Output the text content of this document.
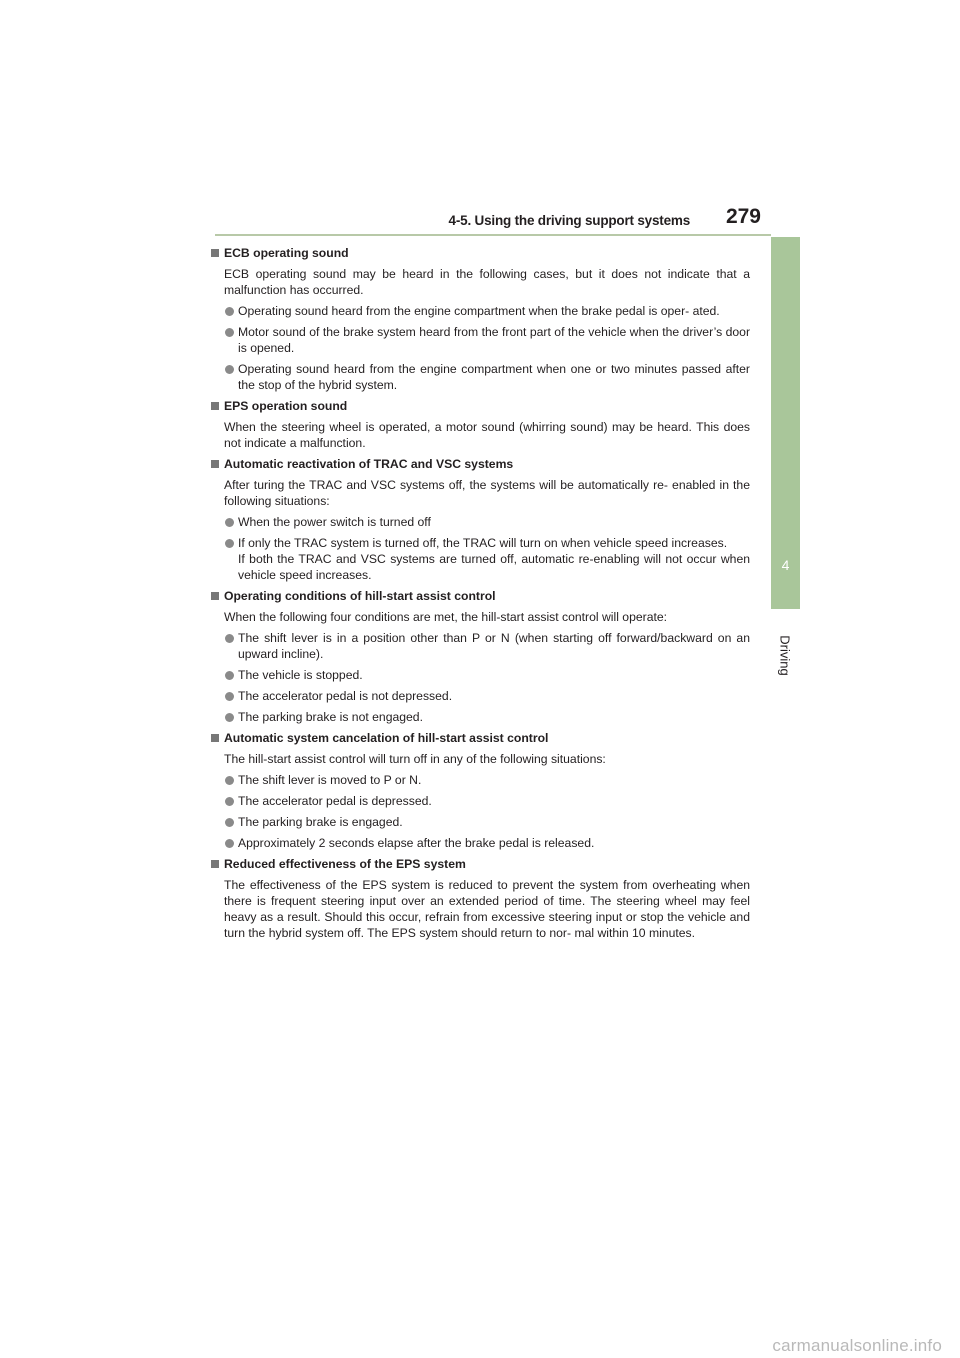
4-5. Using the driving support systems 279
4
Driving
ECB operating sound
ECB operating sound may be heard in the following cases, but it does not indicate that a malfunction has occurred.
Operating sound heard from the engine compartment when the brake pedal is oper- ated.
Motor sound of the brake system heard from the front part of the vehicle when the driver’s door is opened.
Operating sound heard from the engine compartment when one or two minutes passed after the stop of the hybrid system.
EPS operation sound
When the steering wheel is operated, a motor sound (whirring sound) may be heard. This does not indicate a malfunction.
Automatic reactivation of TRAC and VSC systems
After turing the TRAC and VSC systems off, the systems will be automatically re- enabled in the following situations:
When the power switch is turned off
If only the TRAC system is turned off, the TRAC will turn on when vehicle speed increases.
If both the TRAC and VSC systems are turned off, automatic re-enabling will not occur when vehicle speed increases.
Operating conditions of hill-start assist control
When the following four conditions are met, the hill-start assist control will operate:
The shift lever is in a position other than P or N (when starting off forward/backward on an upward incline).
The vehicle is stopped.
The accelerator pedal is not depressed.
The parking brake is not engaged.
Automatic system cancelation of hill-start assist control
The hill-start assist control will turn off in any of the following situations:
The shift lever is moved to P or N.
The accelerator pedal is depressed.
The parking brake is engaged.
Approximately 2 seconds elapse after the brake pedal is released.
Reduced effectiveness of the EPS system
The effectiveness of the EPS system is reduced to prevent the system from overheating when there is frequent steering input over an extended period of time. The steering wheel may feel heavy as a result. Should this occur, refrain from excessive steering input or stop the vehicle and turn the hybrid system off. The EPS system should return to nor- mal within 10 minutes.
carmanualsonline.info
